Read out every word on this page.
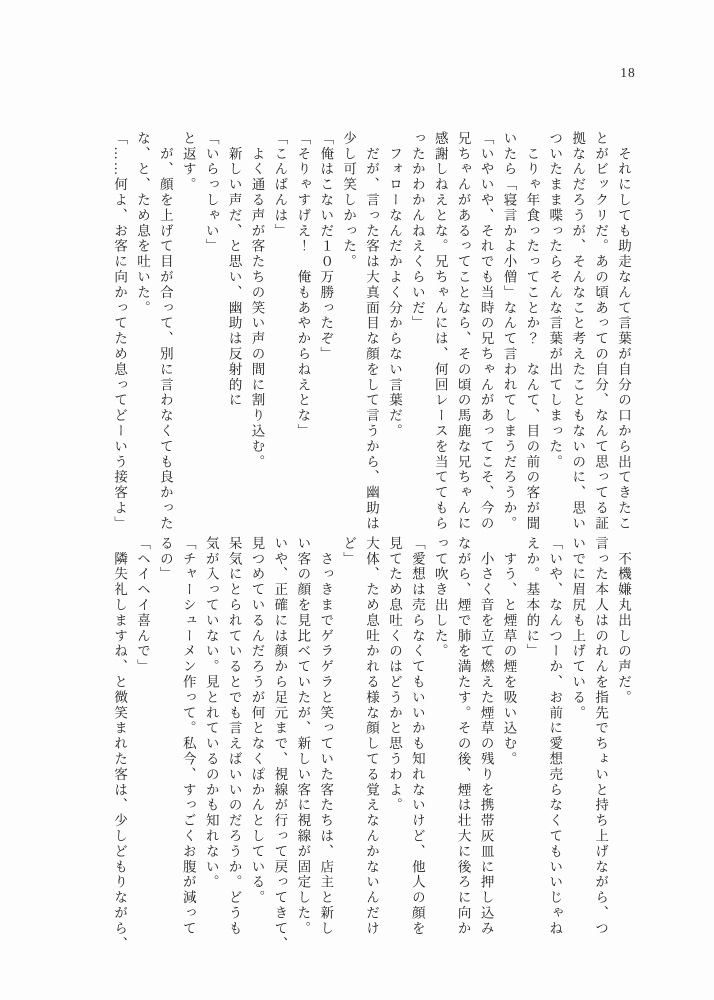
18

　それにしても助走なんて言葉が自分の口から出てきたこ

とがビックリだ。あの頃あっての自分、なんて思ってる証

拠なんだろうが、そんなこと考えたこともないのに、思い

ついたまま喋ったらそんな言葉が出てしまった。

　こりゃ年食ったってことか？　なんて、目の前の客が聞

いたら「寝言かよ小僧」なんて言われてしまうだろうか。

「いやいや、それでも当時の兄ちゃんがあってこそ、今の

兄ちゃんがあるってことなら、その頃の馬鹿な兄ちゃんに

感謝しねえとな。兄ちゃんには、何回レースを当ててもら

ったかわかんねえくらいだ」

　フォローなんだかよく分からない言葉だ。

　だが、言った客は大真面目な顔をして言うから、幽助は

少し可笑しかった。

「俺はこないだ１０万勝ったぞ」

「そりゃすげえ！　俺もあやからねえとな」

「こんばんは」

　よく通る声が客たちの笑い声の間に割り込む。

　新しい声だ、と思い、幽助は反射的に

「いらっしゃい」

と返す。

　が、顔を上げて目が合って、別に言わなくても良かった

な、と、ため息を吐いた。

「……何よ、お客に向かってため息ってどーいう接客よ」

　不機嫌丸出しの声だ。

言った本人はのれんを指先でちょいと持ち上げながら、つ

いでに眉尻も上げている。

「いや、なんつーか、お前に愛想売らなくてもいいじゃね

えか。基本的に」

　すう、と煙草の煙を吸い込む。

　小さく音を立て燃えた煙草の残りを携帯灰皿に押し込み

ながら、煙で肺を満たす。その後、煙は壮大に後ろに向か

って吹き出した。

「愛想は売らなくてもいいかも知れないけど、他人の顔を

見てため息吐くのはどうかと思うわよ。

大体、ため息吐かれる様な顔してる覚えなんかないんだけ

ど」

　さっきまでゲラゲラと笑っていた客たちは、店主と新し

い客の顔を見比べていたが、新しい客に視線が固定した。

いや、正確には顔から足元まで、視線が行って戻ってきて、

見つめているんだろうが何となくぽかんとしている。

呆気にとられているとでも言えばいいのだろうか。どうも

気が入っていない。見とれているのかも知れない。

「チャーシューメン作って。私今、すっごくお腹が減って

るの」

「ヘイヘイ喜んで」

　隣失礼しますね、と微笑まれた客は、少しどもりながら、
